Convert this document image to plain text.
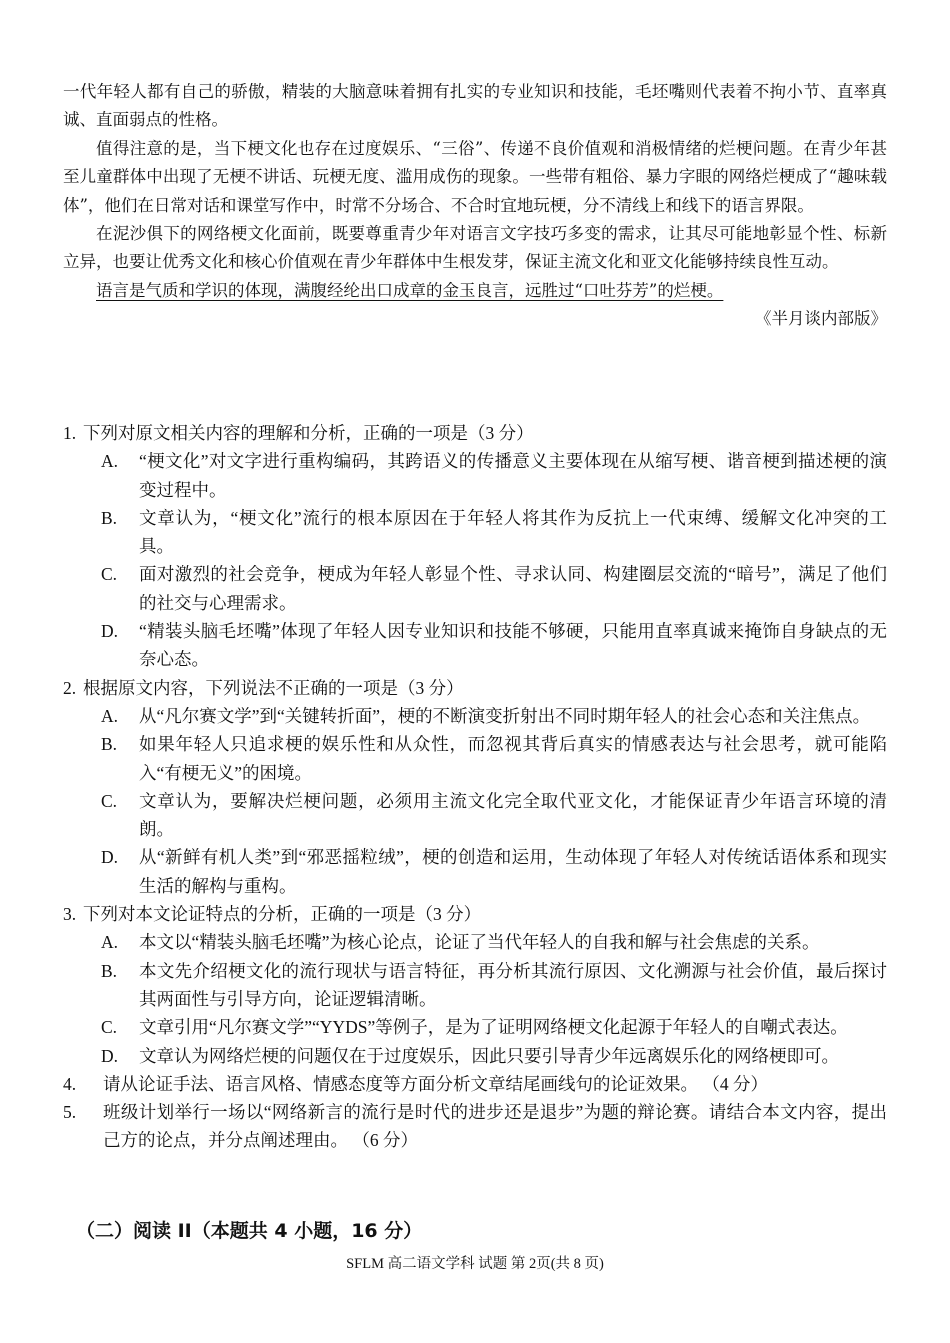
一代年轻人都有自己的骄傲，精装的大脑意味着拥有扎实的专业知识和技能，毛坯嘴则代表着不拘小节、直率真诚、直面弱点的性格。

值得注意的是，当下梗文化也存在过度娱乐、“三俗”、传递不良价值观和消极情绪的烂梗问题。在青少年甚至儿童群体中出现了无梗不讲话、玩梗无度、滥用成伤的现象。一些带有粗俗、暴力字眼的网络烂梗成了“趣味载体”，他们在日常对话和课堂写作中，时常不分场合、不合时宜地玩梗，分不清线上和线下的语言界限。

在泥沙俱下的网络梗文化面前，既要尊重青少年对语言文字技巧多变的需求，让其尽可能地彰显个性、标新立异，也要让优秀文化和核心价值观在青少年群体中生根发芽，保证主流文化和亚文化能够持续良性互动。

语言是气质和学识的体现，满腹经纶出口成章的金玉良言，远胜过“口吐芬芳”的烂梗。

《半月谈内部版》

1. 下列对原文相关内容的理解和分析，正确的一项是（3 分）
A.	“梗文化”对文字进行重构编码，其跨语义的传播意义主要体现在从缩写梗、谐音梗到描述梗的演变过程中。
B.	文章认为，“梗文化”流行的根本原因在于年轻人将其作为反抗上一代束缚、缓解文化冲突的工具。
C.	面对激烈的社会竞争，梗成为年轻人彰显个性、寻求认同、构建圈层交流的“暗号”，满足了他们的社交与心理需求。
D.	“精装头脑毛坯嘴”体现了年轻人因专业知识和技能不够硬，只能用直率真诚来掩饰自身缺点的无奈心态。
2. 根据原文内容，下列说法不正确的一项是（3 分）
A.	从“凡尔赛文学”到“关键转折面”，梗的不断演变折射出不同时期年轻人的社会心态和关注焦点。
B.	如果年轻人只追求梗的娱乐性和从众性，而忽视其背后真实的情感表达与社会思考，就可能陷入“有梗无义”的困境。
C.	文章认为，要解决烂梗问题，必须用主流文化完全取代亚文化，才能保证青少年语言环境的清朗。
D.	从“新鲜有机人类”到“邪恶摇粒绒”，梗的创造和运用，生动体现了年轻人对传统话语体系和现实生活的解构与重构。
3. 下列对本文论证特点的分析，正确的一项是（3 分）
A.	本文以“精装头脑毛坯嘴”为核心论点，论证了当代年轻人的自我和解与社会焦虑的关系。
B.	本文先介绍梗文化的流行现状与语言特征，再分析其流行原因、文化溯源与社会价值，最后探讨其两面性与引导方向，论证逻辑清晰。
C.	文章引用“凡尔赛文学”“YYDS”等例子，是为了证明网络梗文化起源于年轻人的自嘲式表达。
D.	文章认为网络烂梗的问题仅在于过度娱乐，因此只要引导青少年远离娱乐化的网络梗即可。
4.	请从论证手法、语言风格、情感态度等方面分析文章结尾画线句的论证效果。 （4 分）
5.	班级计划举行一场以“网络新言的流行是时代的进步还是退步”为题的辩论赛。请结合本文内容，提出己方的论点，并分点阐述理由。 （6 分）
（二）阅读 II（本题共 4 小题，16 分）
SFLM 高二语文学科 试题 第 2页(共 8 页)
